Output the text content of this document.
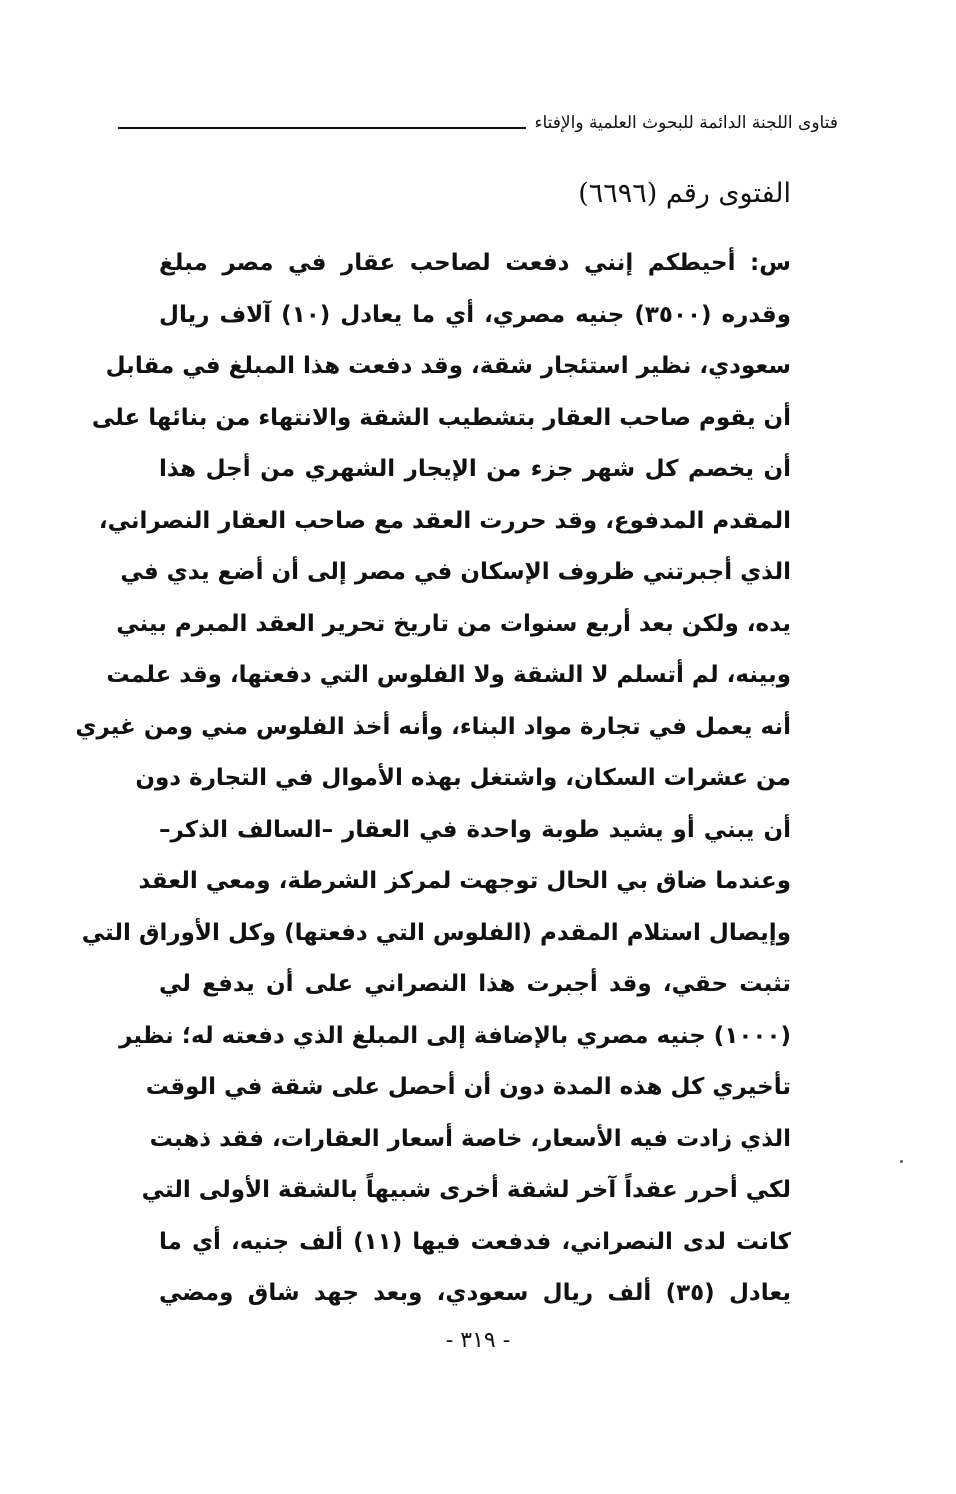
فتاوى اللجنة الدائمة للبحوث العلمية والإفتاء
الفتوى رقم (٦٦٩٦)
س: أحيطكم إنني دفعت لصاحب عقار في مصر مبلغ
وقدره (٣٥٠٠) جنيه مصري، أي ما يعادل (١٠) آلاف ريال
سعودي، نظير استئجار شقة، وقد دفعت هذا المبلغ في مقابل
أن يقوم صاحب العقار بتشطيب الشقة والانتهاء من بنائها على
أن يخصم كل شهر جزء من الإيجار الشهري من أجل هذا
المقدم المدفوع، وقد حررت العقد مع صاحب العقار النصراني،
الذي أجبرتني ظروف الإسكان في مصر إلى أن أضع يدي في
يده، ولكن بعد أربع سنوات من تاريخ تحرير العقد المبرم بيني
وبينه، لم أتسلم لا الشقة ولا الفلوس التي دفعتها، وقد علمت
أنه يعمل في تجارة مواد البناء، وأنه أخذ الفلوس مني ومن غيري
من عشرات السكان، واشتغل بهذه الأموال في التجارة دون
أن يبني أو يشيد طوبة واحدة في العقار –السالف الذكر–
وعندما ضاق بي الحال توجهت لمركز الشرطة، ومعي العقد
وإيصال استلام المقدم (الفلوس التي دفعتها) وكل الأوراق التي
تثبت حقي، وقد أجبرت هذا النصراني على أن يدفع لي
(١٠٠٠) جنيه مصري بالإضافة إلى المبلغ الذي دفعته له؛ نظير
تأخيري كل هذه المدة دون أن أحصل على شقة في الوقت
الذي زادت فيه الأسعار، خاصة أسعار العقارات، فقد ذهبت
لكي أحرر عقداً آخر لشقة أخرى شبيهاً بالشقة الأولى التي
كانت لدى النصراني، فدفعت فيها (١١) ألف جنيه، أي ما
يعادل (٣٥) ألف ريال سعودي، وبعد جهد شاق ومضي
- ٣١٩ -
